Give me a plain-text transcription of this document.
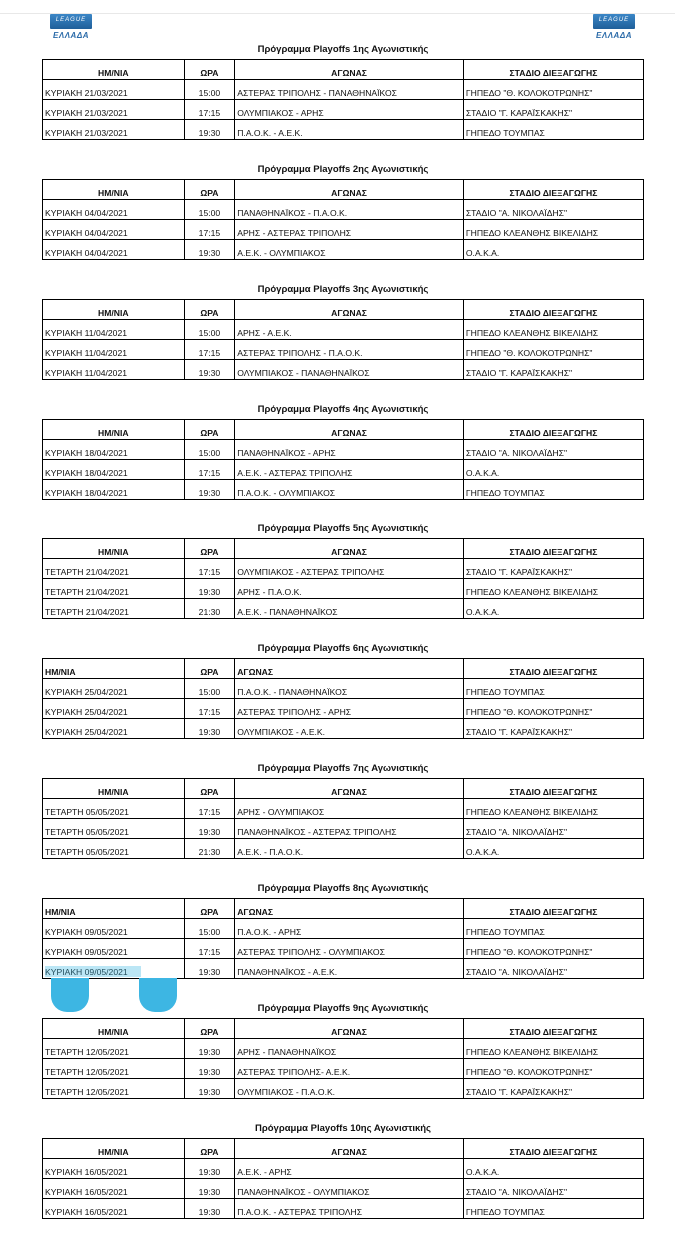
LEAGUE
ΕΛΛΑΔΑ
LEAGUE
ΕΛΛΑΔΑ
Πρόγραμμα Playoffs 1ης Αγωνιστικής
ΗΜ/ΝΙΑ	ΩΡΑ	ΑΓΩΝΑΣ	ΣΤΑΔΙΟ ΔΙΕΞΑΓΩΓΗΣ
ΚΥΡΙΑΚΗ 21/03/2021	15:00	ΑΣΤΕΡΑΣ ΤΡΙΠΟΛΗΣ - ΠΑΝΑΘΗΝΑΪΚΟΣ	ΓΗΠΕΔΟ "Θ. ΚΟΛΟΚΟΤΡΩΝΗΣ"
ΚΥΡΙΑΚΗ 21/03/2021	17:15	ΟΛΥΜΠΙΑΚΟΣ - ΑΡΗΣ	ΣΤΑΔΙΟ "Γ. ΚΑΡΑΪΣΚΑΚΗΣ"
ΚΥΡΙΑΚΗ 21/03/2021	19:30	Π.Α.Ο.Κ. - Α.Ε.Κ.	ΓΗΠΕΔΟ ΤΟΥΜΠΑΣ
Πρόγραμμα Playoffs 2ης Αγωνιστικής
ΗΜ/ΝΙΑ	ΩΡΑ	ΑΓΩΝΑΣ	ΣΤΑΔΙΟ ΔΙΕΞΑΓΩΓΗΣ
ΚΥΡΙΑΚΗ 04/04/2021	15:00	ΠΑΝΑΘΗΝΑΪΚΟΣ - Π.Α.Ο.Κ.	ΣΤΑΔΙΟ "Α. ΝΙΚΟΛΑΪΔΗΣ"
ΚΥΡΙΑΚΗ 04/04/2021	17:15	ΑΡΗΣ - ΑΣΤΕΡΑΣ ΤΡΙΠΟΛΗΣ	ΓΗΠΕΔΟ ΚΛΕΑΝΘΗΣ ΒΙΚΕΛΙΔΗΣ
ΚΥΡΙΑΚΗ 04/04/2021	19:30	Α.Ε.Κ. - ΟΛΥΜΠΙΑΚΟΣ	Ο.Α.Κ.Α.
Πρόγραμμα Playoffs 3ης Αγωνιστικής
ΗΜ/ΝΙΑ	ΩΡΑ	ΑΓΩΝΑΣ	ΣΤΑΔΙΟ ΔΙΕΞΑΓΩΓΗΣ
ΚΥΡΙΑΚΗ 11/04/2021	15:00	ΑΡΗΣ - Α.Ε.Κ.	ΓΗΠΕΔΟ ΚΛΕΑΝΘΗΣ ΒΙΚΕΛΙΔΗΣ
ΚΥΡΙΑΚΗ 11/04/2021	17:15	ΑΣΤΕΡΑΣ ΤΡΙΠΟΛΗΣ - Π.Α.Ο.Κ.	ΓΗΠΕΔΟ "Θ. ΚΟΛΟΚΟΤΡΩΝΗΣ"
ΚΥΡΙΑΚΗ 11/04/2021	19:30	ΟΛΥΜΠΙΑΚΟΣ - ΠΑΝΑΘΗΝΑΪΚΟΣ	ΣΤΑΔΙΟ "Γ. ΚΑΡΑΪΣΚΑΚΗΣ"
Πρόγραμμα Playoffs 4ης Αγωνιστικής
ΗΜ/ΝΙΑ	ΩΡΑ	ΑΓΩΝΑΣ	ΣΤΑΔΙΟ ΔΙΕΞΑΓΩΓΗΣ
ΚΥΡΙΑΚΗ 18/04/2021	15:00	ΠΑΝΑΘΗΝΑΪΚΟΣ - ΑΡΗΣ	ΣΤΑΔΙΟ "Α. ΝΙΚΟΛΑΪΔΗΣ"
ΚΥΡΙΑΚΗ 18/04/2021	17:15	Α.Ε.Κ. - ΑΣΤΕΡΑΣ ΤΡΙΠΟΛΗΣ	Ο.Α.Κ.Α.
ΚΥΡΙΑΚΗ 18/04/2021	19:30	Π.Α.Ο.Κ. - ΟΛΥΜΠΙΑΚΟΣ	ΓΗΠΕΔΟ ΤΟΥΜΠΑΣ
Πρόγραμμα Playoffs 5ης Αγωνιστικής
ΗΜ/ΝΙΑ	ΩΡΑ	ΑΓΩΝΑΣ	ΣΤΑΔΙΟ ΔΙΕΞΑΓΩΓΗΣ
ΤΕΤΑΡΤΗ 21/04/2021	17:15	ΟΛΥΜΠΙΑΚΟΣ - ΑΣΤΕΡΑΣ ΤΡΙΠΟΛΗΣ	ΣΤΑΔΙΟ "Γ. ΚΑΡΑΪΣΚΑΚΗΣ"
ΤΕΤΑΡΤΗ 21/04/2021	19:30	ΑΡΗΣ - Π.Α.Ο.Κ.	ΓΗΠΕΔΟ ΚΛΕΑΝΘΗΣ ΒΙΚΕΛΙΔΗΣ
ΤΕΤΑΡΤΗ 21/04/2021	21:30	Α.Ε.Κ. - ΠΑΝΑΘΗΝΑΪΚΟΣ	Ο.Α.Κ.Α.
Πρόγραμμα Playoffs 6ης Αγωνιστικής
ΗΜ/ΝΙΑ	ΩΡΑ	ΑΓΩΝΑΣ	ΣΤΑΔΙΟ ΔΙΕΞΑΓΩΓΗΣ
ΚΥΡΙΑΚΗ 25/04/2021	15:00	Π.Α.Ο.Κ. - ΠΑΝΑΘΗΝΑΪΚΟΣ	ΓΗΠΕΔΟ ΤΟΥΜΠΑΣ
ΚΥΡΙΑΚΗ 25/04/2021	17:15	ΑΣΤΕΡΑΣ ΤΡΙΠΟΛΗΣ - ΑΡΗΣ	ΓΗΠΕΔΟ "Θ. ΚΟΛΟΚΟΤΡΩΝΗΣ"
ΚΥΡΙΑΚΗ 25/04/2021	19:30	ΟΛΥΜΠΙΑΚΟΣ - Α.Ε.Κ.	ΣΤΑΔΙΟ "Γ. ΚΑΡΑΪΣΚΑΚΗΣ"
Πρόγραμμα Playoffs 7ης Αγωνιστικής
ΗΜ/ΝΙΑ	ΩΡΑ	ΑΓΩΝΑΣ	ΣΤΑΔΙΟ ΔΙΕΞΑΓΩΓΗΣ
ΤΕΤΑΡΤΗ 05/05/2021	17:15	ΑΡΗΣ - ΟΛΥΜΠΙΑΚΟΣ	ΓΗΠΕΔΟ ΚΛΕΑΝΘΗΣ ΒΙΚΕΛΙΔΗΣ
ΤΕΤΑΡΤΗ 05/05/2021	19:30	ΠΑΝΑΘΗΝΑΪΚΟΣ - ΑΣΤΕΡΑΣ ΤΡΙΠΟΛΗΣ	ΣΤΑΔΙΟ "Α. ΝΙΚΟΛΑΪΔΗΣ"
ΤΕΤΑΡΤΗ 05/05/2021	21:30	Α.Ε.Κ. - Π.Α.Ο.Κ.	Ο.Α.Κ.Α.
Πρόγραμμα Playoffs 8ης Αγωνιστικής
ΗΜ/ΝΙΑ	ΩΡΑ	ΑΓΩΝΑΣ	ΣΤΑΔΙΟ ΔΙΕΞΑΓΩΓΗΣ
ΚΥΡΙΑΚΗ 09/05/2021	15:00	Π.Α.Ο.Κ. - ΑΡΗΣ	ΓΗΠΕΔΟ ΤΟΥΜΠΑΣ
ΚΥΡΙΑΚΗ 09/05/2021	17:15	ΑΣΤΕΡΑΣ ΤΡΙΠΟΛΗΣ - ΟΛΥΜΠΙΑΚΟΣ	ΓΗΠΕΔΟ "Θ. ΚΟΛΟΚΟΤΡΩΝΗΣ"
ΚΥΡΙΑΚΗ 09/05/2021	19:30	ΠΑΝΑΘΗΝΑΪΚΟΣ - Α.Ε.Κ.	ΣΤΑΔΙΟ "Α. ΝΙΚΟΛΑΪΔΗΣ"
Πρόγραμμα Playoffs 9ης Αγωνιστικής
ΗΜ/ΝΙΑ	ΩΡΑ	ΑΓΩΝΑΣ	ΣΤΑΔΙΟ ΔΙΕΞΑΓΩΓΗΣ
ΤΕΤΑΡΤΗ 12/05/2021	19:30	ΑΡΗΣ - ΠΑΝΑΘΗΝΑΪΚΟΣ	ΓΗΠΕΔΟ ΚΛΕΑΝΘΗΣ ΒΙΚΕΛΙΔΗΣ
ΤΕΤΑΡΤΗ 12/05/2021	19:30	ΑΣΤΕΡΑΣ ΤΡΙΠΟΛΗΣ- Α.Ε.Κ.	ΓΗΠΕΔΟ "Θ. ΚΟΛΟΚΟΤΡΩΝΗΣ"
ΤΕΤΑΡΤΗ 12/05/2021	19:30	ΟΛΥΜΠΙΑΚΟΣ - Π.Α.Ο.Κ.	ΣΤΑΔΙΟ "Γ. ΚΑΡΑΪΣΚΑΚΗΣ"
Πρόγραμμα Playoffs 10ης Αγωνιστικής
ΗΜ/ΝΙΑ	ΩΡΑ	ΑΓΩΝΑΣ	ΣΤΑΔΙΟ ΔΙΕΞΑΓΩΓΗΣ
ΚΥΡΙΑΚΗ 16/05/2021	19:30	Α.Ε.Κ. - ΑΡΗΣ	Ο.Α.Κ.Α.
ΚΥΡΙΑΚΗ 16/05/2021	19:30	ΠΑΝΑΘΗΝΑΪΚΟΣ - ΟΛΥΜΠΙΑΚΟΣ	ΣΤΑΔΙΟ "Α. ΝΙΚΟΛΑΪΔΗΣ"
ΚΥΡΙΑΚΗ 16/05/2021	19:30	Π.Α.Ο.Κ. - ΑΣΤΕΡΑΣ ΤΡΙΠΟΛΗΣ	ΓΗΠΕΔΟ ΤΟΥΜΠΑΣ
